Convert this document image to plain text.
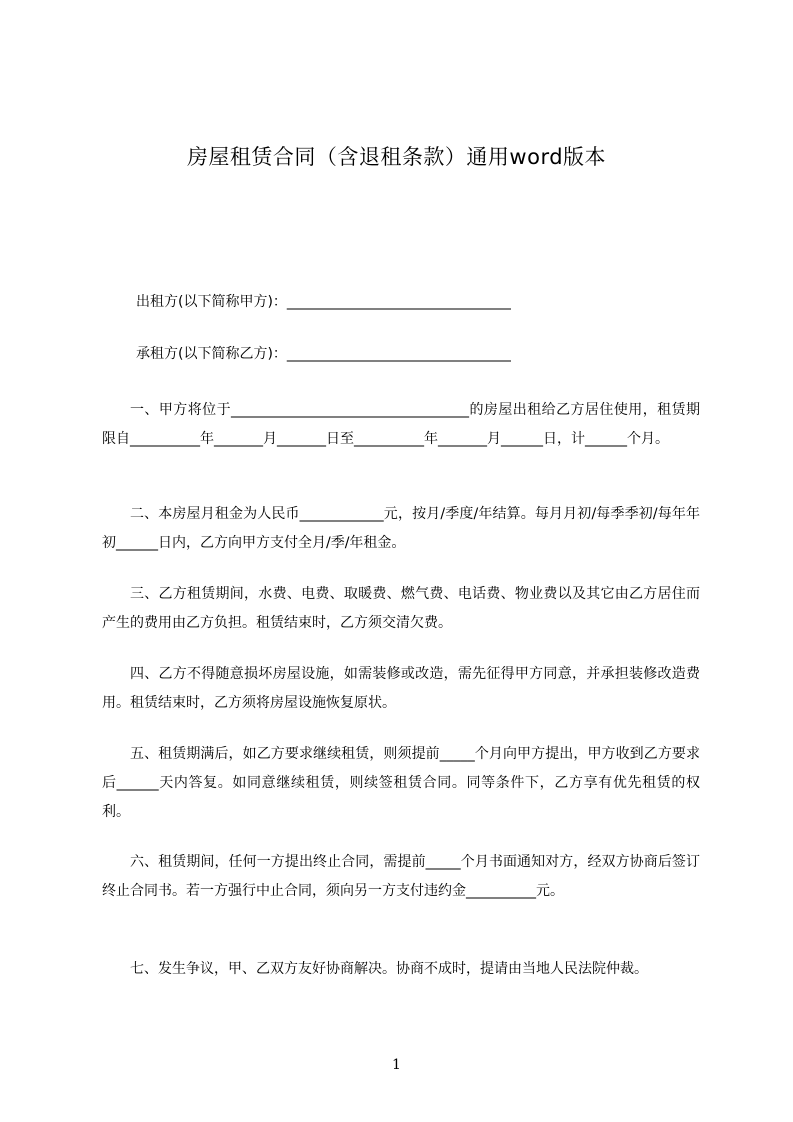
房屋租赁合同（含退租条款）通用word版本
出租方(以下简称甲方)：________________________________
承租方(以下简称乙方)：________________________________

一、甲方将位于__________________________________的房屋出租给乙方居住使用，租赁期限自__________年_______月_______日至__________年_______月______日，计______个月。

二、本房屋月租金为人民币____________元，按月/季度/年结算。每月月初/每季季初/每年年初______日内，乙方向甲方支付全月/季/年租金。

三、乙方租赁期间，水费、电费、取暖费、燃气费、电话费、物业费以及其它由乙方居住而产生的费用由乙方负担。租赁结束时，乙方须交清欠费。

四、乙方不得随意损坏房屋设施，如需装修或改造，需先征得甲方同意，并承担装修改造费用。租赁结束时，乙方须将房屋设施恢复原状。

五、租赁期满后，如乙方要求继续租赁，则须提前_____个月向甲方提出，甲方收到乙方要求后______天内答复。如同意继续租赁，则续签租赁合同。同等条件下，乙方享有优先租赁的权利。

六、租赁期间，任何一方提出终止合同，需提前_____个月书面通知对方，经双方协商后签订终止合同书。若一方强行中止合同，须向另一方支付违约金__________元。

七、发生争议，甲、乙双方友好协商解决。协商不成时，提请由当地人民法院仲裁。

1
